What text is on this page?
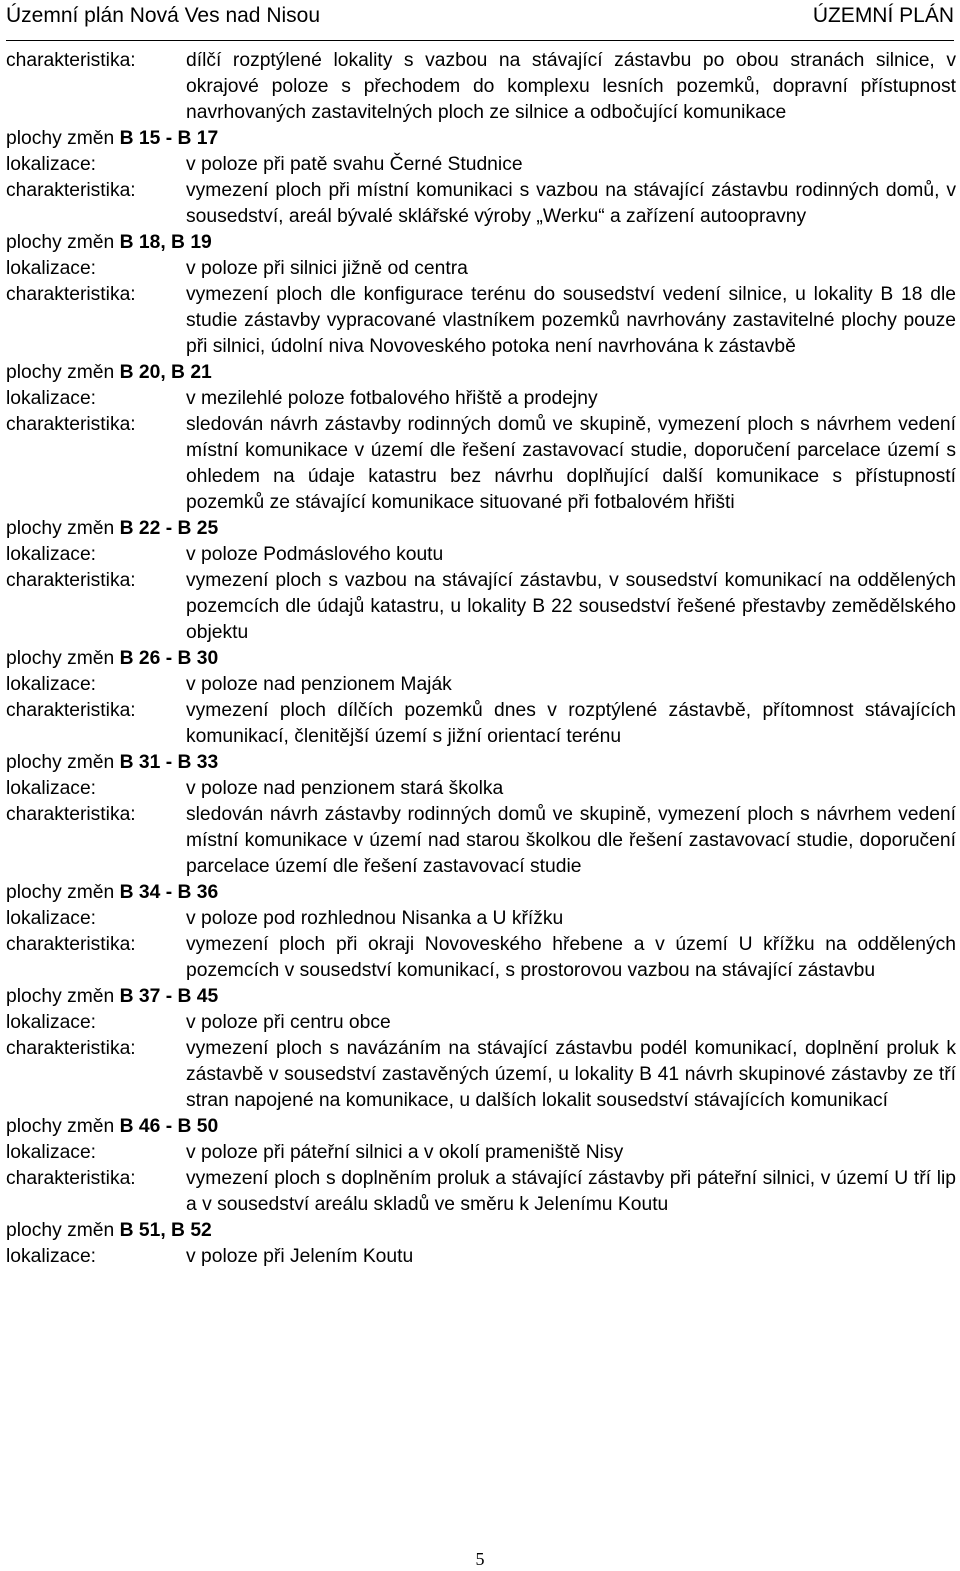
Územní plán Nová Ves nad Nisou	ÚZEMNÍ PLÁN
charakteristika:	dílčí rozptýlené lokality s vazbou na stávající zástavbu po obou stranách silnice, v okrajové poloze s přechodem do komplexu lesních pozemků, dopravní přístupnost navrhovaných zastavitelných ploch ze silnice a odbočující komunikace
plochy změn B 15 - B 17
lokalizace:	v poloze při patě svahu Černé Studnice
charakteristika:	vymezení ploch při místní komunikaci s vazbou na stávající zástavbu rodinných domů, v sousedství, areál bývalé sklářské výroby „Werku“ a zařízení autoopravny
plochy změn B 18, B 19
lokalizace:	v poloze při silnici jižně od centra
charakteristika:	vymezení ploch dle konfigurace terénu do sousedství vedení silnice, u lokality B 18 dle studie zástavby vypracované vlastníkem pozemků navrhovány zastavitelné plochy pouze při silnici, údolní niva Novoveského potoka není navrhována k zástavbě
plochy změn B 20, B 21
lokalizace:	v mezilehlé poloze fotbalového hřiště a prodejny
charakteristika:	sledován návrh zástavby rodinných domů ve skupině, vymezení ploch s návrhem vedení místní komunikace v území dle řešení zastavovací studie, doporučení parcelace území s ohledem na údaje katastru bez návrhu doplňující další komunikace s přístupností pozemků ze stávající komunikace situované při fotbalovém hřišti
plochy změn B 22 - B 25
lokalizace:	v poloze Podmáslového koutu
charakteristika:	vymezení ploch s vazbou na stávající zástavbu, v sousedství komunikací na oddělených pozemcích dle údajů katastru, u lokality B 22 sousedství řešené přestavby zemědělského objektu
plochy změn B 26 - B 30
lokalizace:	v poloze nad penzionem Maják
charakteristika:	vymezení ploch dílčích pozemků dnes v rozptýlené zástavbě, přítomnost stávajících komunikací, členitější území s jižní orientací terénu
plochy změn B 31 - B 33
lokalizace:	v poloze nad penzionem stará školka
charakteristika:	sledován návrh zástavby rodinných domů ve skupině, vymezení ploch s návrhem vedení místní komunikace v území nad starou školkou dle řešení zastavovací studie, doporučení parcelace území dle řešení zastavovací studie
plochy změn B 34 - B 36
lokalizace:	v poloze pod rozhlednou Nisanka a U křížku
charakteristika:	vymezení ploch při okraji Novoveského hřebene a v území U křížku na oddělených pozemcích v sousedství komunikací, s prostorovou vazbou na stávající zástavbu
plochy změn B 37 - B 45
lokalizace:	v poloze při centru obce
charakteristika:	vymezení ploch s navázáním na stávající zástavbu podél komunikací, doplnění proluk k zástavbě v sousedství zastavěných území, u lokality B 41 návrh skupinové zástavby ze tří stran napojené na komunikace, u dalších lokalit sousedství stávajících komunikací
plochy změn B 46 - B 50
lokalizace:	v poloze při páteřní silnici a v okolí prameniště Nisy
charakteristika:	vymezení ploch s doplněním proluk a stávající zástavby při páteřní silnici, v území U tří lip a v sousedství areálu skladů ve směru k Jelenímu Koutu
plochy změn B 51, B 52
lokalizace:	v poloze při Jelením Koutu
5
